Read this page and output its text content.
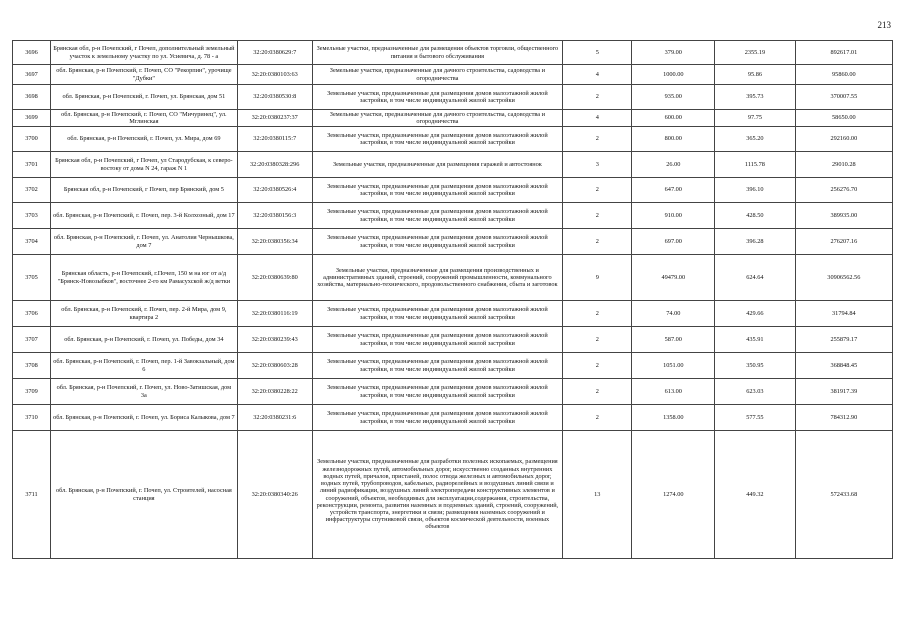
213
3696	Брянская обл, р-н Почепский, г Почеп, дополнительный земельный участок к земельному участку по ул. Усиевича, д. 78 - а	32:20:0380629:7	Земельные участки, предназначенные для размещения объектов торговли, общественного питания и бытового обслуживания	5	379.00	2355.19	892617.01
3697	обл. Брянская, р-н Почепский, г. Почеп, СО "Рекорпин", урочище "Дубки"	32:20:0380103:63	Земельные участки, предназначенные для дачного строительства, садоводства и огородничества	4	1000.00	95.86	95860.00
3698	обл. Брянская, р-н Почепский, г. Почеп, ул. Брянская, дом 51	32:20:0380530:8	Земельные участки, предназначенные для размещения домов малоэтажной жилой застройки, в том числе индивидуальной жилой застройки	2	935.00	395.73	370007.55
3699	обл. Брянская, р-н Почепский, г. Почеп, СО "Мичуринец", ул. Мглинская	32:20:0380237:37	Земельные участки, предназначенные для дачного строительства, садоводства и огородничества	4	600.00	97.75	58650.00
3700	обл. Брянская, р-н Почепский, г. Почеп, ул. Мира, дом 69	32:20:0380115:7	Земельные участки, предназначенные для размещения домов малоэтажной жилой застройки, в том числе индивидуальной жилой застройки	2	800.00	365.20	292160.00
3701	Брянская обл, р-н Почепский, г Почеп, ул Стародубская, к северо-востоку от дома N 24, гараж N 1	32:20:0380328:296	Земельные участки, предназначенные для размещения гаражей и автостоянок	3	26.00	1115.78	29010.28
3702	Брянская обл, р-н Почепский, г Почеп, пер Брянский, дом 5	32:20:0380526:4	Земельные участки, предназначенные для размещения домов малоэтажной жилой застройки, в том числе индивидуальной жилой застройки	2	647.00	396.10	256276.70
3703	обл. Брянская, р-н Почепский, г. Почеп, пер. 3-й Колхозный, дом 17	32:20:0380156:3	Земельные участки, предназначенные для размещения домов малоэтажной жилой застройки, в том числе индивидуальной жилой застройки	2	910.00	428.50	389935.00
3704	обл. Брянская, р-н Почепский, г. Почеп, ул. Анатолия Чернышкова, дом 7	32:20:0380356:34	Земельные участки, предназначенные для размещения домов малоэтажной жилой застройки, в том числе индивидуальной жилой застройки	2	697.00	396.28	276207.16
3705	Брянская область, р-н Почепский, г.Почеп, 150 м на юг от а/д "Брянск-Новозыбков", восточнее 2-го км Рамасухской ж/д ветки	32:20:0380639:80	Земельные участки, предназначенные для размещения производственных и административных зданий, строений, сооружений промышленности, коммунального хозяйства, материально-технического, продовольственного снабжения, сбыта и заготовок	9	49479.00	624.64	30906562.56
3706	обл. Брянская, р-н Почепский, г. Почеп, пер. 2-й Мира, дом 9, квартира 2	32:20:0380116:19	Земельные участки, предназначенные для размещения домов малоэтажной жилой застройки, в том числе индивидуальной жилой застройки	2	74.00	429.66	31794.84
3707	обл. Брянская, р-н Почепский, г. Почеп, ул. Победы, дом 34	32:20:0380239:43	Земельные участки, предназначенные для размещения домов малоэтажной жилой застройки, в том числе индивидуальной жилой застройки	2	587.00	435.91	255879.17
3708	обл. Брянская, р-н Почепский, г. Почеп, пер. 1-й Завокзальный, дом 6	32:20:0380603:28	Земельные участки, предназначенные для размещения домов малоэтажной жилой застройки, в том числе индивидуальной жилой застройки	2	1051.00	350.95	368848.45
3709	обл. Брянская, р-н Почепский, г. Почеп, ул. Ново-Затишская, дом 3а	32:20:0380228:22	Земельные участки, предназначенные для размещения домов малоэтажной жилой застройки, в том числе индивидуальной жилой застройки	2	613.00	623.03	381917.39
3710	обл. Брянская, р-н Почепский, г. Почеп, ул. Бориса Калыкова, дом 7	32:20:0380231:6	Земельные участки, предназначенные для размещения домов малоэтажной жилой застройки, в том числе индивидуальной жилой застройки	2	1358.00	577.55	784312.90
3711	обл. Брянская, р-н Почепский, г. Почеп, ул. Строителей, насосная станция	32:20:0380340:26	Земельные участки, предназначенные для разработки полезных ископаемых, размещения железнодорожных путей, автомобильных дорог, искусственно созданных внутренних водных путей, причалов, пристаней, полос отвода железных и автомобильных дорог, водных путей, трубопроводов, кабельных, радиорелейных и воздушных линий связи и линий радиофикации, воздушных линий электропередачи конструктивных элементов и сооружений, объектов, необходимых для эксплуатации,содержания, строительства, реконструкции, ремонта, развития наземных и подземных зданий, строений, сооружений, устройств транспорта, энергетики и связи; размещения наземных сооружений и инфраструктуры спутниковой связи, объектов космической деятельности, военных объектов	13	1274.00	449.32	572433.68
